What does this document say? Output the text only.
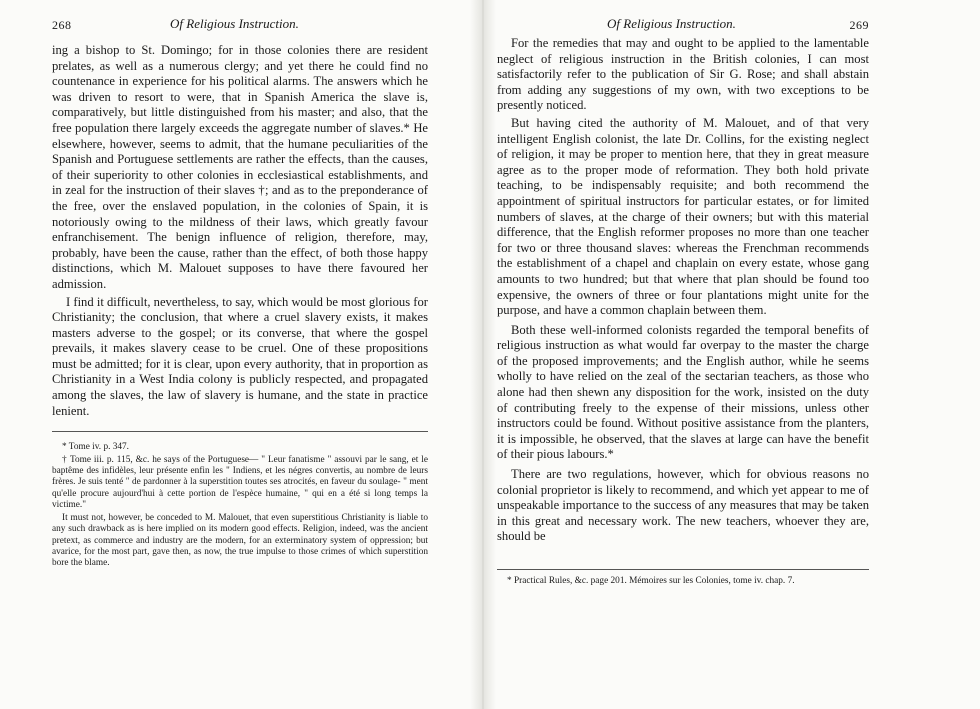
268	Of Religious Instruction.

ing a bishop to St. Domingo; for in those colonies there are resident prelates, as well as a numerous clergy; and yet there he could find no countenance in experience for his political alarms. The answers which he was driven to resort to were, that in Spanish America the slave is, comparatively, but little distinguished from his master; and also, that the free population there largely exceeds the aggregate number of slaves.* He elsewhere, however, seems to admit, that the humane peculiarities of the Spanish and Portuguese settlements are rather the effects, than the causes, of their superiority to other colonies in ecclesiastical establishments, and in zeal for the instruction of their slaves †; and as to the preponderance of the free, over the enslaved population, in the colonies of Spain, it is notoriously owing to the mildness of their laws, which greatly favour enfranchisement. The benign influence of religion, therefore, may, probably, have been the cause, rather than the effect, of both those happy distinctions, which M. Malouet supposes to have there favoured her admission.

I find it difficult, nevertheless, to say, which would be most glorious for Christianity; the conclusion, that where a cruel slavery exists, it makes masters adverse to the gospel; or its converse, that where the gospel prevails, it makes slavery cease to be cruel. One of these propositions must be admitted; for it is clear, upon every authority, that in proportion as Christianity in a West India colony is publicly respected, and propagated among the slaves, the law of slavery is humane, and the state in practice lenient.

* Tome iv. p. 347.

† Tome iii. p. 115, &c. he says of the Portuguese— " Leur fanatisme " assouvi par le sang, et le baptême des infidèles, leur présente enfin les " Indiens, et les négres convertis, au nombre de leurs frères. Je suis tenté " de pardonner à la superstition toutes ses atrocités, en faveur du soulage- " ment qu'elle procure aujourd'hui à cette portion de l'espèce humaine, " qui en a été si long temps la victime."

It must not, however, be conceded to M. Malouet, that even superstitious Christianity is liable to any such drawback as is here implied on its modern good effects. Religion, indeed, was the ancient pretext, as commerce and industry are the modern, for an exterminatory system of oppression; but avarice, for the most part, gave then, as now, the true impulse to those crimes of which superstition bore the blame.

Of Religious Instruction.	269

For the remedies that may and ought to be applied to the lamentable neglect of religious instruction in the British colonies, I can most satisfactorily refer to the publication of Sir G. Rose; and shall abstain from adding any suggestions of my own, with two exceptions to be presently noticed.

But having cited the authority of M. Malouet, and of that very intelligent English colonist, the late Dr. Collins, for the existing neglect of religion, it may be proper to mention here, that they in great measure agree as to the proper mode of reformation. They both hold private teaching, to be indispensably requisite; and both recommend the appointment of spiritual instructors for particular estates, or for limited numbers of slaves, at the charge of their owners; but with this material difference, that the English reformer proposes no more than one teacher for two or three thousand slaves: whereas the Frenchman recommends the establishment of a chapel and chaplain on every estate, whose gang amounts to two hundred; but that where that plan should be found too expensive, the owners of three or four plantations might unite for the purpose, and have a common chaplain between them.

Both these well-informed colonists regarded the temporal benefits of religious instruction as what would far overpay to the master the charge of the proposed improvements; and the English author, while he seems wholly to have relied on the zeal of the sectarian teachers, as those who alone had then shewn any disposition for the work, insisted on the duty of contributing freely to the expense of their missions, unless other instructors could be found. Without positive assistance from the planters, it is impossible, he observed, that the slaves at large can have the benefit of their pious labours.*

There are two regulations, however, which for obvious reasons no colonial proprietor is likely to recommend, and which yet appear to me of unspeakable importance to the success of any measures that may be taken in this great and necessary work. The new teachers, whoever they are, should be

* Practical Rules, &c. page 201. Mémoires sur les Colonies, tome iv. chap. 7.
